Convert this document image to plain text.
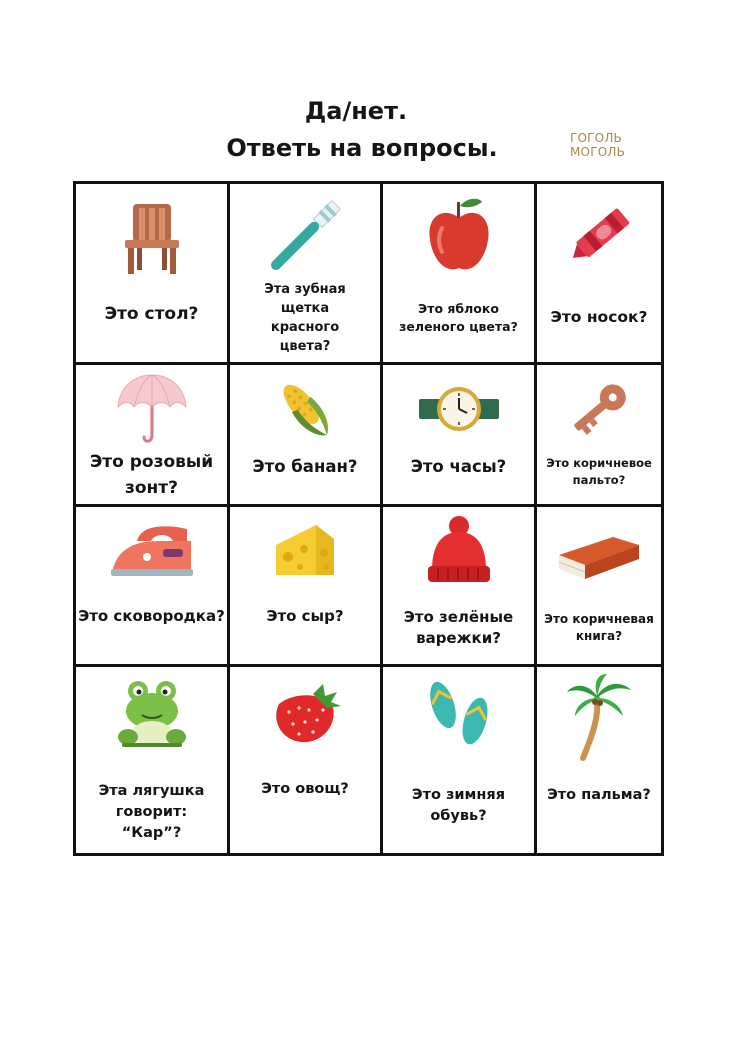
Да/нет.
Ответь на вопросы.	ГОГОЛЬ
МОГОЛЬ
Это стол?
Эта зубная щетка красного цвета?
Это яблоко зеленого цвета?
Это носок?
Это розовый зонт?
Это банан?	Это часы?	Это коричневое пальто?
Это сковородка?	Это сыр?	Это зелёные варежки?
Это коричневая книга?
Эта лягушка говорит: “Кар”?
Это овощ?	Это зимняя обувь?
Это пальма?
